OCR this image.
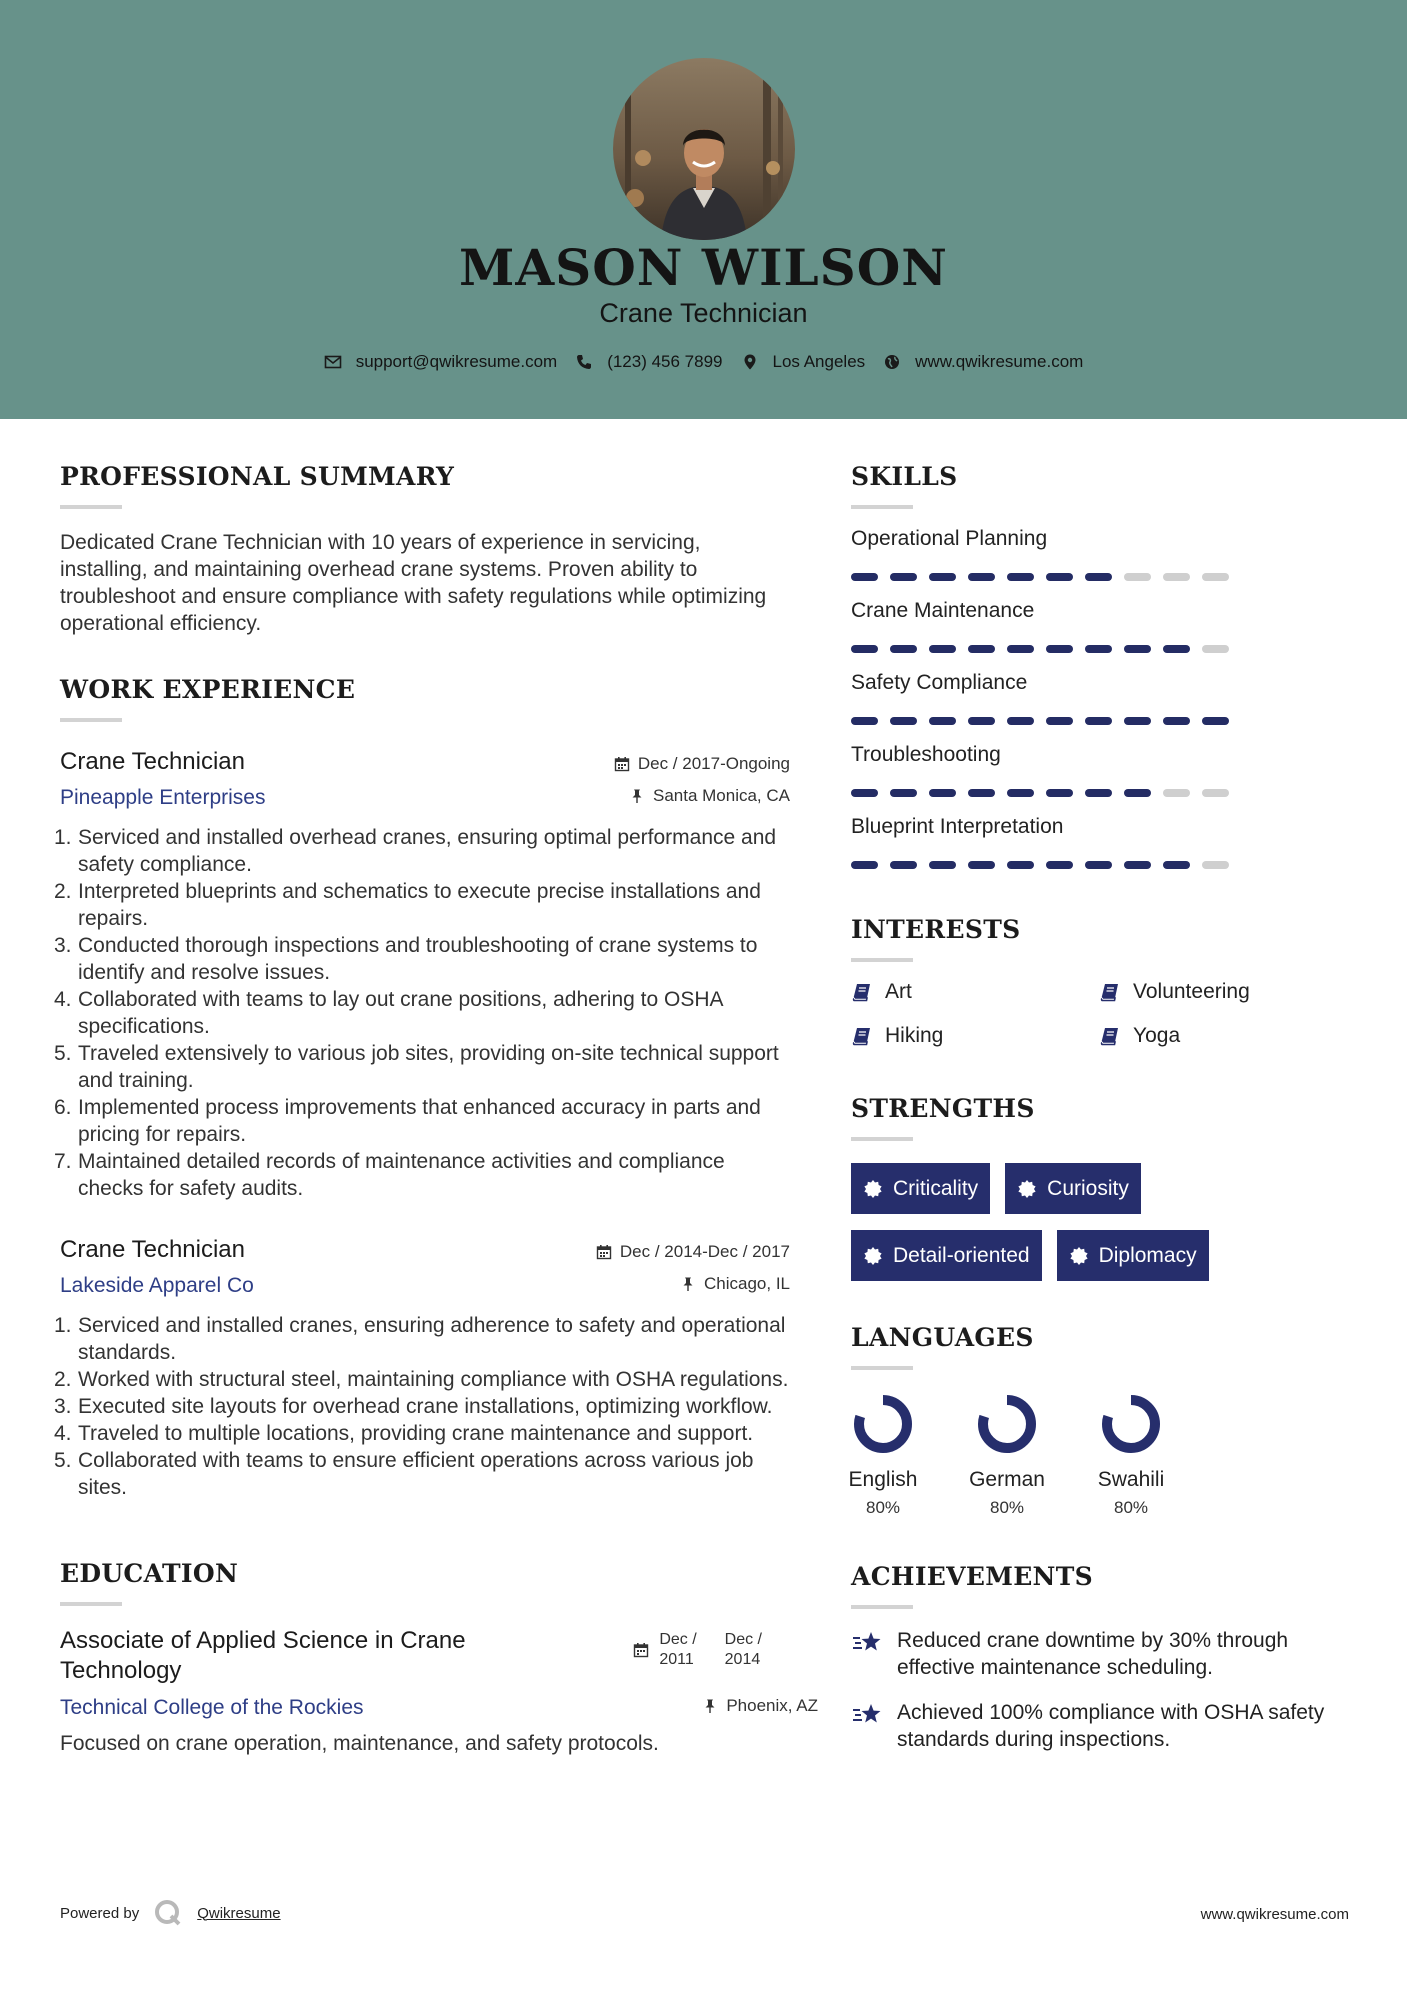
MASON WILSON
Crane Technician
support@qwikresume.com	(123) 456 7899	Los Angeles	www.qwikresume.com
PROFESSIONAL SUMMARY
Dedicated Crane Technician with 10 years of experience in servicing, installing, and maintaining overhead crane systems. Proven ability to troubleshoot and ensure compliance with safety regulations while optimizing operational efficiency.
WORK EXPERIENCE
Crane Technician
Pineapple Enterprises
Dec / 2017-Ongoing
Santa Monica, CA
1. Serviced and installed overhead cranes, ensuring optimal performance and safety compliance.
2. Interpreted blueprints and schematics to execute precise installations and repairs.
3. Conducted thorough inspections and troubleshooting of crane systems to identify and resolve issues.
4. Collaborated with teams to lay out crane positions, adhering to OSHA specifications.
5. Traveled extensively to various job sites, providing on-site technical support and training.
6. Implemented process improvements that enhanced accuracy in parts and pricing for repairs.
7. Maintained detailed records of maintenance activities and compliance checks for safety audits.
Crane Technician
Lakeside Apparel Co
Dec / 2014-Dec / 2017
Chicago, IL
1. Serviced and installed cranes, ensuring adherence to safety and operational standards.
2. Worked with structural steel, maintaining compliance with OSHA regulations.
3. Executed site layouts for overhead crane installations, optimizing workflow.
4. Traveled to multiple locations, providing crane maintenance and support.
5. Collaborated with teams to ensure efficient operations across various job sites.
EDUCATION
Associate of Applied Science in Crane Technology
Technical College of the Rockies
Dec /
2011
Dec /
2014
Phoenix, AZ
Focused on crane operation, maintenance, and safety protocols.
SKILLS
Operational Planning
Crane Maintenance
Safety Compliance
Troubleshooting
Blueprint Interpretation
INTERESTS
Art	Volunteering
Hiking	Yoga
STRENGTHS
Criticality	Curiosity
Detail-oriented	Diplomacy
LANGUAGES
English
80%
German
80%
Swahili
80%
ACHIEVEMENTS
Reduced crane downtime by 30% through effective maintenance scheduling.
Achieved 100% compliance with OSHA safety standards during inspections.
Powered by	Qwikresume	www.qwikresume.com
